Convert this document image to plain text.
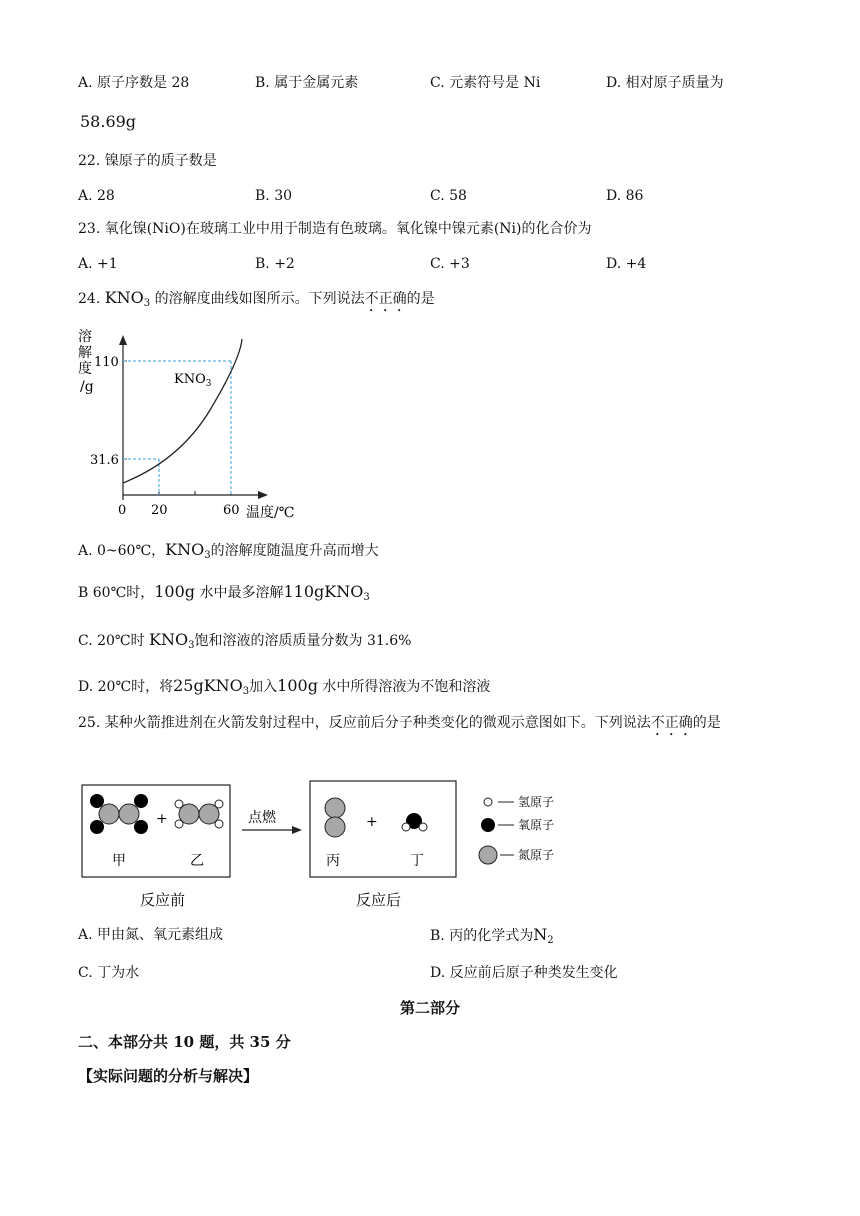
A. 原子序数是 28	B. 属于金属元素	C. 元素符号是 Ni	D. 相对原子质量为
58.69g
22. 镍原子的质子数是
A. 28	B. 30	C. 58	D. 86
23. 氧化镍(NiO)在玻璃工业中用于制造有色玻璃。氧化镍中镍元素(Ni)的化合价为
A. +1	B. +2	C. +3	D. +4
24. $KNO_3$ 的溶解度曲线如图所示。下列说法不正确的是
溶
解
度
/g
110
31.6
0 20	60 温度/℃
$KNO_3$
A. 0~60℃，$KNO_3$的溶解度随温度升高而增大
B 60℃时，100g 水中最多溶解110gKNO$_3$
C. 20℃时 $KNO_3$饱和溶液的溶质质量分数为 31.6%
D. 20℃时，将25gKNO$_3$加入100g 水中所得溶液为不饱和溶液
25. 某种火箭推进剂在火箭发射过程中，反应前后分子种类变化的微观示意图如下。下列说法不正确的是
+
甲	乙
点燃	+
丙	丁
氢原子
氧原子
氮原子
反应前	反应后
A. 甲由氮、氧元素组成	B. 丙的化学式为$N_2$
C. 丁为水	D. 反应前后原子种类发生变化
第二部分
二、本部分共 10 题，共 35 分
【实际问题的分析与解决】
